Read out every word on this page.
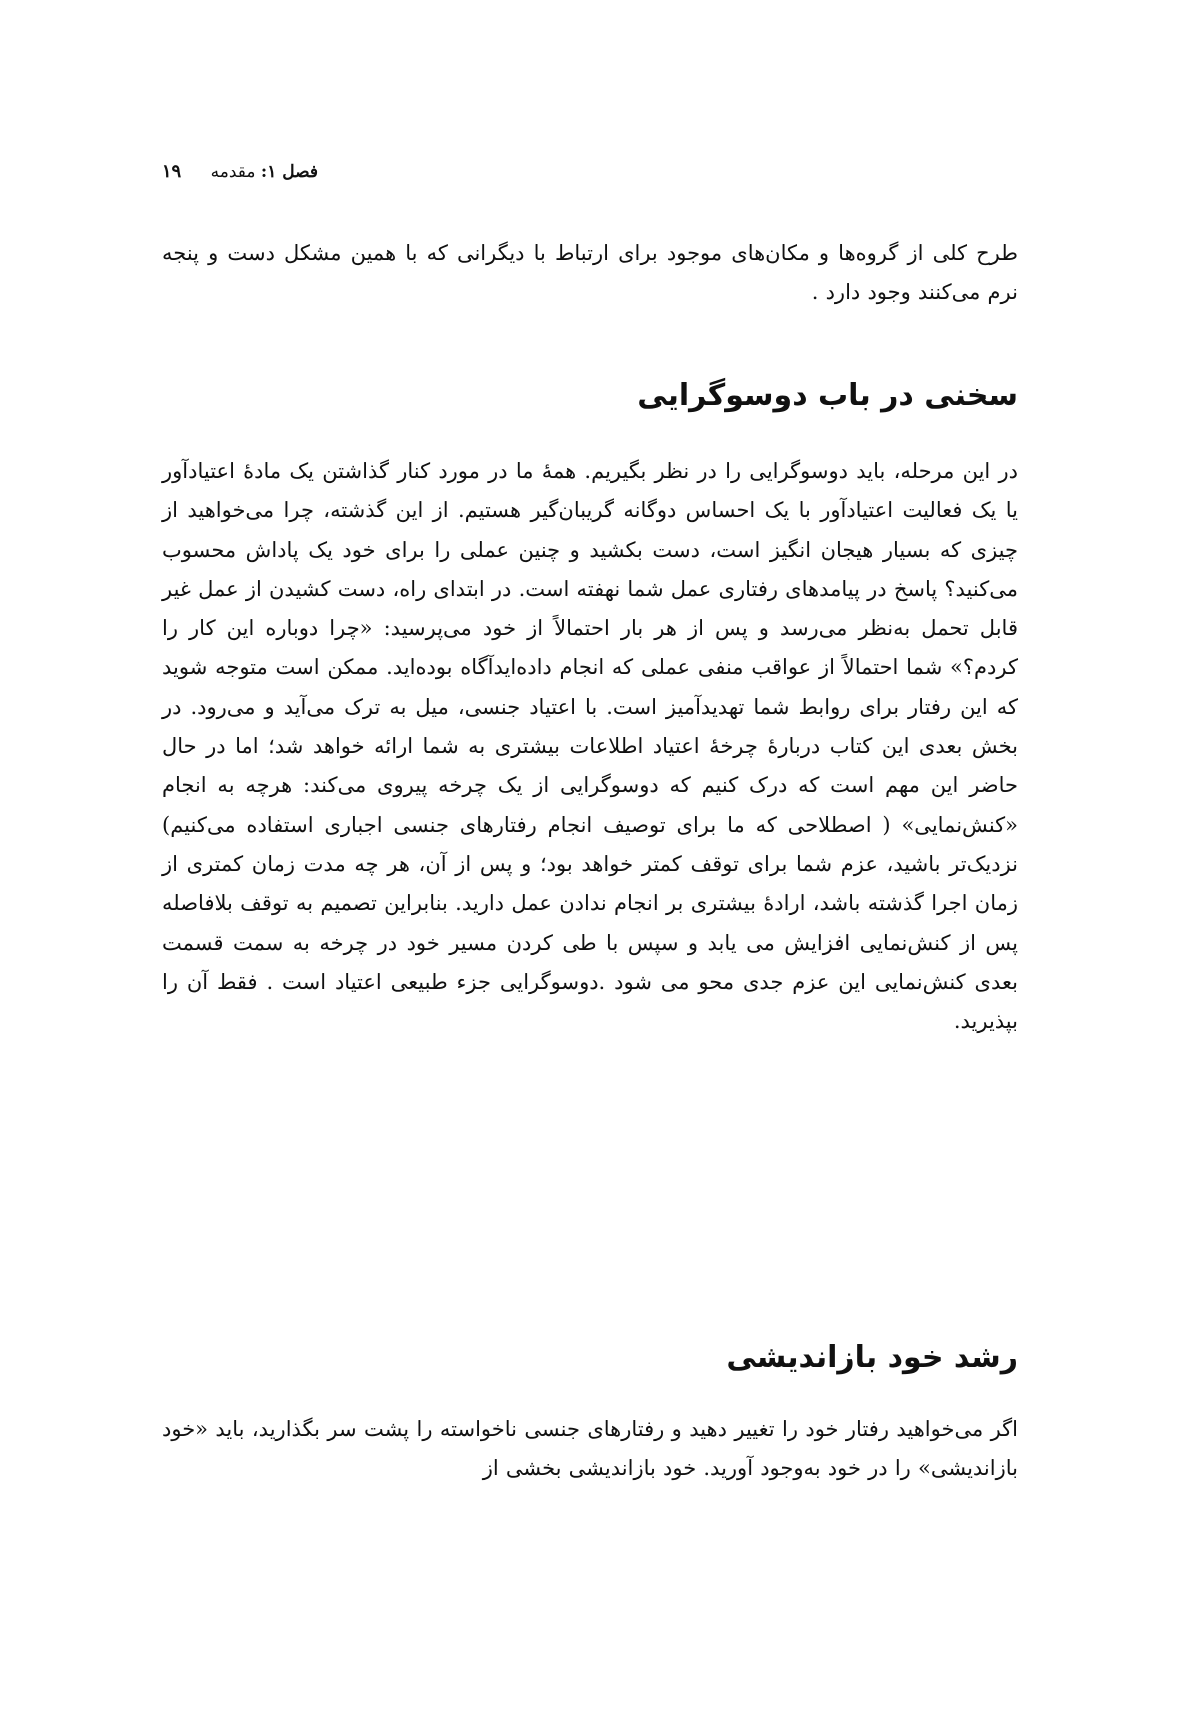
فصل ۱: مقدمه ۱۹

طرح کلی از گروه‌ها و مکان‌های موجود برای ارتباط با دیگرانی که با همین مشکل دست و پنجه نرم می‌کنند وجود دارد .

سخنی در باب دوسوگرایی

در این مرحله، باید دوسوگرایی را در نظر بگیریم. همهٔ ما در مورد کنار گذاشتن یک مادهٔ اعتیادآور یا یک فعالیت اعتیادآور با یک احساس دوگانه گریبان‌گیر هستیم. از این گذشته، چرا می‌خواهید از چیزی که بسیار هیجان انگیز است، دست بکشید و چنین عملی را برای خود یک پاداش محسوب می‌کنید؟ پاسخ در پیامدهای رفتاری عمل شما نهفته است. در ابتدای راه، دست کشیدن از عمل غیر قابل تحمل به‌نظر می‌رسد و پس از هر بار احتمالاً از خود می‌پرسید: «چرا دوباره این کار را کردم؟» شما احتمالاً از عواقب منفی عملی که انجام داده‌اید‌آگاه بوده‌اید. ممکن است متوجه شوید که این رفتار برای روابط شما تهدیدآمیز است. با اعتیاد جنسی، میل به ترک می‌آید و می‌رود. در بخش بعدی این کتاب دربارهٔ چرخهٔ اعتیاد اطلاعات بیشتری به شما ارائه خواهد شد؛ اما در حال حاضر این مهم است که درک کنیم که دوسوگرایی از یک چرخه پیروی می‌کند: هرچه به انجام «کنش‌نمایی» ( اصطلاحی که ما برای توصیف انجام رفتارهای جنسی اجباری استفاده می‌کنیم) نزدیک‌تر باشید، عزم شما برای توقف کمتر خواهد بود؛ و پس از آن، هر چه مدت زمان کمتری از زمان اجرا گذشته باشد، ارادهٔ بیشتری بر انجام ندادن عمل دارید. بنابراین تصمیم به توقف بلافاصله پس از کنش‌نمایی افزایش می یابد و سپس با طی کردن مسیر خود در چرخه به سمت قسمت بعدی کنش‌نمایی این عزم جدی محو می شود .دوسوگرایی جزء طبیعی اعتیاد است . فقط آن را بپذیرید.

رشد خود بازاندیشی

اگر می‌خواهید رفتار خود را تغییر دهید و رفتارهای جنسی ناخواسته را پشت سر بگذارید، باید «خود بازاندیشی» را در خود به‌وجود آورید. خود بازاندیشی بخشی از
